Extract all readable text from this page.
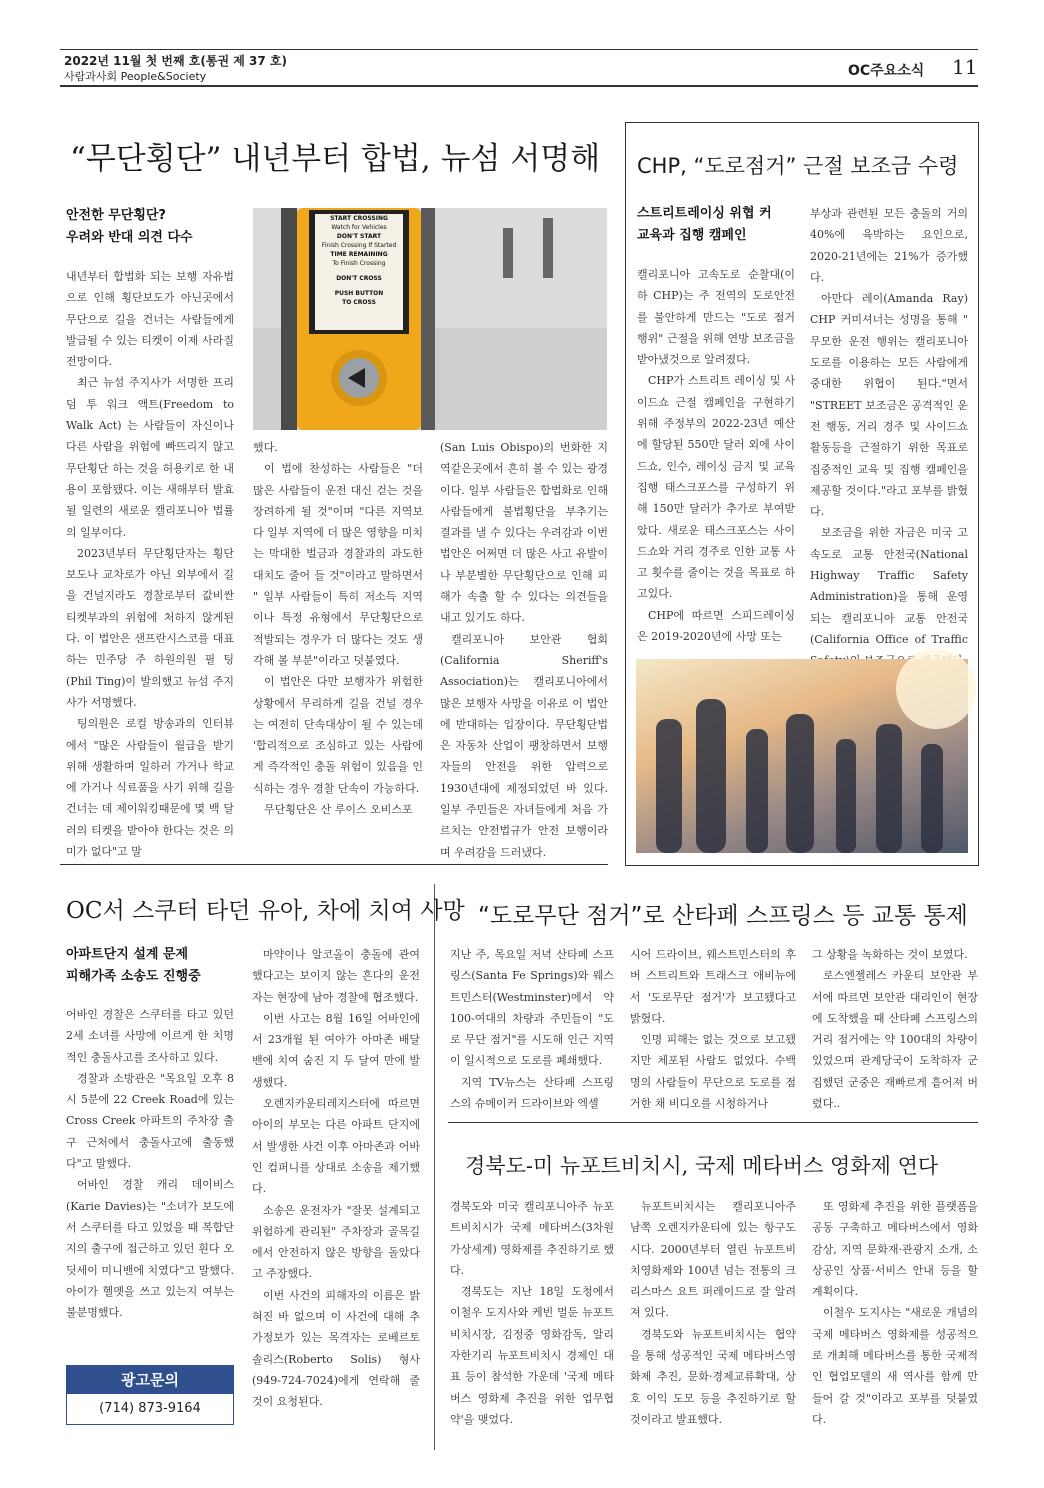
2022년 11월 첫 번째 호(통권 제 37 호)
사람과사회 People&Society	OC주요소식 11
“무단횡단” 내년부터 합법, 뉴섬 서명해
안전한 무단횡단?
우려와 반대 의견 다수
START CROSSING
Watch for Vehicles
DON'T START
Finish Crossing If Started
TIME REMAINING
To Finish Crossing
DON'T CROSS
PUSH BUTTON
TO CROSS

내년부터 합법화 되는 보행 자유법으로 인해 횡단보도가 아닌곳에서 무단으로 길을 건너는 사람들에게 발급될 수 있는 티켓이 이제 사라질 전망이다.

최근 뉴섬 주지사가 서명한 프리덤 투 워크 액트(Freedom to Walk Act) 는 사람들이 자신이나 다른 사람을 위험에 빠뜨리지 않고 무단횡단 하는 것을 허용키로 한 내용이 포함됐다. 이는 새해부터 발효될 일련의 새로운 캘리포니아 법률의 일부이다.

2023년부터 무단횡단자는 횡단보도나 교차로가 아닌 외부에서 길을 건널지라도 경찰로부터 값비싼 티켓부과의 위험에 처하지 않게된다. 이 법안은 샌프란시스코를 대표하는 민주당 주 하원의원 필 팅(Phil Ting)이 발의했고 뉴섬 주지사가 서명했다.

팅의원은 로컬 방송과의 인터뷰에서 "많은 사람들이 월급을 받기 위해 생활하며 일하러 가거나 학교에 가거나 식료품을 사기 위해 길을 건너는 데 제이워킹때문에 몇 백 달러의 티켓을 받아야 한다는 것은 의미가 없다"고 말

했다.

이 법에 찬성하는 사람들은 "더 많은 사람들이 운전 대신 걷는 것을 장려하게 될 것"이며 "다른 지역보다 일부 지역에 더 많은 영향을 미치는 막대한 벌금과 경찰과의 과도한 대치도 줄어 들 것"이라고 말하면서 " 일부 사람들이 특히 저소득 지역이나 특정 유형에서 무단횡단으로 적발되는 경우가 더 많다는 것도 생각해 볼 부분"이라고 덧붙였다.

이 법안은 다만 보행자가 위험한 상황에서 무리하게 길을 건널 경우는 여전히 단속대상이 될 수 있는데 '합리적으로 조심하고 있는 사람에게 즉각적인 충돌 위험이 있음을 인식하는 경우 경찰 단속이 가능하다.

무단횡단은 산 루이스 오비스포

(San Luis Obispo)의 번화한 지역같은곳에서 흔히 볼 수 있는 광경이다. 일부 사람들은 합법화로 인해 사람들에게 불법횡단을 부추기는 결과를 낼 수 있다는 우려감과 이번 법안은 어쩌면 더 많은 사고 유발이나 부분별한 무단횡단으로 인해 피해가 속출 할 수 있다는 의견들을 내고 있기도 하다.

캘리포니아 보안관 협회(California Sheriff's Association)는 캘리포니아에서 많은 보행자 사망을 이유로 이 법안에 반대하는 입장이다. 무단횡단법은 자동차 산업이 팽창하면서 보행자들의 안전을 위한 압력으로 1930년대에 제정되었던 바 있다. 일부 주민들은 자녀들에게 처음 가르치는 안전법규가 안전 보행이라며 우려감을 드러냈다.

CHP, “도로점거” 근절 보조금 수령
스트리트레이싱 위협 커
교육과 집행 캠페인

캘리포니아 고속도로 순찰대(이하 CHP)는 주 전역의 도로안전를 불안하게 만드는 "도로 점거 행위" 근절을 위해 연방 보조금을 받아냈것으로 알려졌다.

CHP가 스트리트 레이싱 및 사이드쇼 근절 캠페인을 구현하기 위해 주정부의 2022-23년 예산에 할당된 550만 달러 외에 사이드쇼, 인수, 레이싱 금지 및 교육 집행 태스크포스를 구성하기 위해 150만 달러가 추가로 부여받았다. 새로운 태스크포스는 사이드쇼와 거리 경주로 인한 교통 사고 횟수를 줄이는 것을 목표로 하고있다.

CHP에 따르면 스피드레이싱은 2019-2020년에 사망 또는

부상과 관련된 모든 충돌의 거의 40%에 육박하는 요인으로, 2020-21년에는 21%가 증가했다.

아만다 레이(Amanda Ray) CHP 커미셔너는 성명을 통해 " 무모한 운전 행위는 캘리포니아 도로를 이용하는 모든 사람에게 중대한 위협이 된다."면서 "STREET 보조금은 공격적인 운전 행동, 거리 경주 및 사이드쇼 활동등을 근절하기 위한 목표로 집중적인 교육 및 집행 캠페인을 제공할 것이다."라고 포부를 밝혔다.

보조금을 위한 자금은 미국 고속도로 교통 안전국(National Highway Traffic Safety Administration)을 통해 운영되는 캘리포니아 교통 안전국(California Office of Traffic

OC서 스쿠터 타던 유아, 차에 치여 사망
아파트단지 설계 문제
피해가족 소송도 진행중

어바인 경찰은 스쿠터를 타고 있던 2세 소녀를 사망에 이르게 한 치명적인 충돌사고를 조사하고 있다.

경찰과 소방관은 "목요일 오후 8시 5분에 22 Creek Road에 있는 Cross Creek 아파트의 주차장 출구 근처에서 충돌사고에 출동했다"고 말했다.

어바인 경찰 캐리 데이비스(Karie Davies)는 "소녀가 보도에서 스쿠터를 타고 있었을 때 복합단지의 출구에 접근하고 있던 흰다 오딧세이 미니밴에 치였다"고 말했다. 아이가 헬멧을 쓰고 있는지 여부는 불분명했다.

마약이나 알코올이 충돌에 관여했다고는 보이지 않는 흔다의 운전자는 현장에 남아 경찰에 협조했다.

이번 사고는 8월 16일 어바인에서 23개월 된 여아가 아마존 배달 밴에 치여 숨진 지 두 달여 만에 발생했다.

오렌지카운티레지스터에 따르면 아이의 부모는 다른 아파트 단지에서 발생한 사건 이후 아마존과 어바인 컴퍼니를 상대로 소송을 제기했다.

소송은 운전자가 "잘못 설계되고 위험하게 관리된" 주차장과 골목길에서 안전하지 않은 방향을 돌았다고 주장했다.

이번 사건의 피해자의 이름은 밝혀진 바 없으며 이 사건에 대해 추가정보가 있는 목격자는 로베르토 솔리스(Roberto Solis) 형사(949-724-7024)에게 연락해 줄 것이 요청된다.

광고문의
(714) 873-9164
“도로무단 점거”로 산타페 스프링스 등 교통 통제

지난 주, 목요일 저녁 산타페 스프링스(Santa Fe Springs)와 웨스트민스터(Westminster)에서 약 100-여대의 차량과 주민들이 "도로 무단 점거"를 시도해 인근 지역이 일시적으로 도로를 폐쇄했다.

지역 TV뉴스는 산타페 스프링스의 슈메이커 드라이브와 엑셀

시어 드라이브, 웨스트민스터의 후버 스트리트와 트래스크 애비뉴에서 '도로무단 점거'가 보고됐다고 밝혔다.

인명 피해는 없는 것으로 보고됐지만 체포된 사람도 없었다. 수백 명의 사람들이 무단으로 도로를 점거한 채 비디오를 시청하거나

그 상황을 녹화하는 것이 보였다.

로스엔젤레스 카운티 보안관 부서에 따르면 보안관 대리인이 현장에 도착했을 때 산타페 스프링스의 거리 점거에는 약 100대의 차량이 있었으며 관계당국이 도착하자 군집했던 군중은 재빠르게 흩어져 버렸다..

경북도-미 뉴포트비치시, 국제 메타버스 영화제 연다

경북도와 미국 캘리포니아주 뉴포트비치시가 국제 메타버스(3차원 가상세계) 영화제를 추진하기로 했다.

경북도는 지난 18일 도청에서 이철우 도지사와 케빈 멀둔 뉴포트비치시장, 김정중 영화감독, 알리 자한기리 뉴포트비치시 경제인 대표 등이 참석한 가운데 '국제 메타버스 영화제 추진을 위한 업무협약'을 맺었다.

뉴포트비치시는 캘리포니아주 남쪽 오렌지카운티에 있는 항구도시다. 2000년부터 열린 뉴포트비치영화제와 100년 넘는 전통의 크리스마스 요트 퍼레이드로 잘 알려져 있다.

경북도와 뉴포트비치시는 협약을 통해 성공적인 국제 메타버스영화제 추진, 문화·경제교류확대, 상호 이익 도모 등을 추진하기로 할 것이라고 발표했다.

또 영화제 추진을 위한 플랫폼을 공동 구축하고 메타버스에서 영화감상, 지역 문화재·관광지 소개, 소상공인 상품·서비스 안내 등을 할 계획이다.

이철우 도지사는 "새로운 개념의 국제 메타버스 영화제를 성공적으로 개최해 메타버스를 통한 국제적인 협업모델의 새 역사를 함께 만들어 갈 것"이라고 포부를 덧붙였다.
